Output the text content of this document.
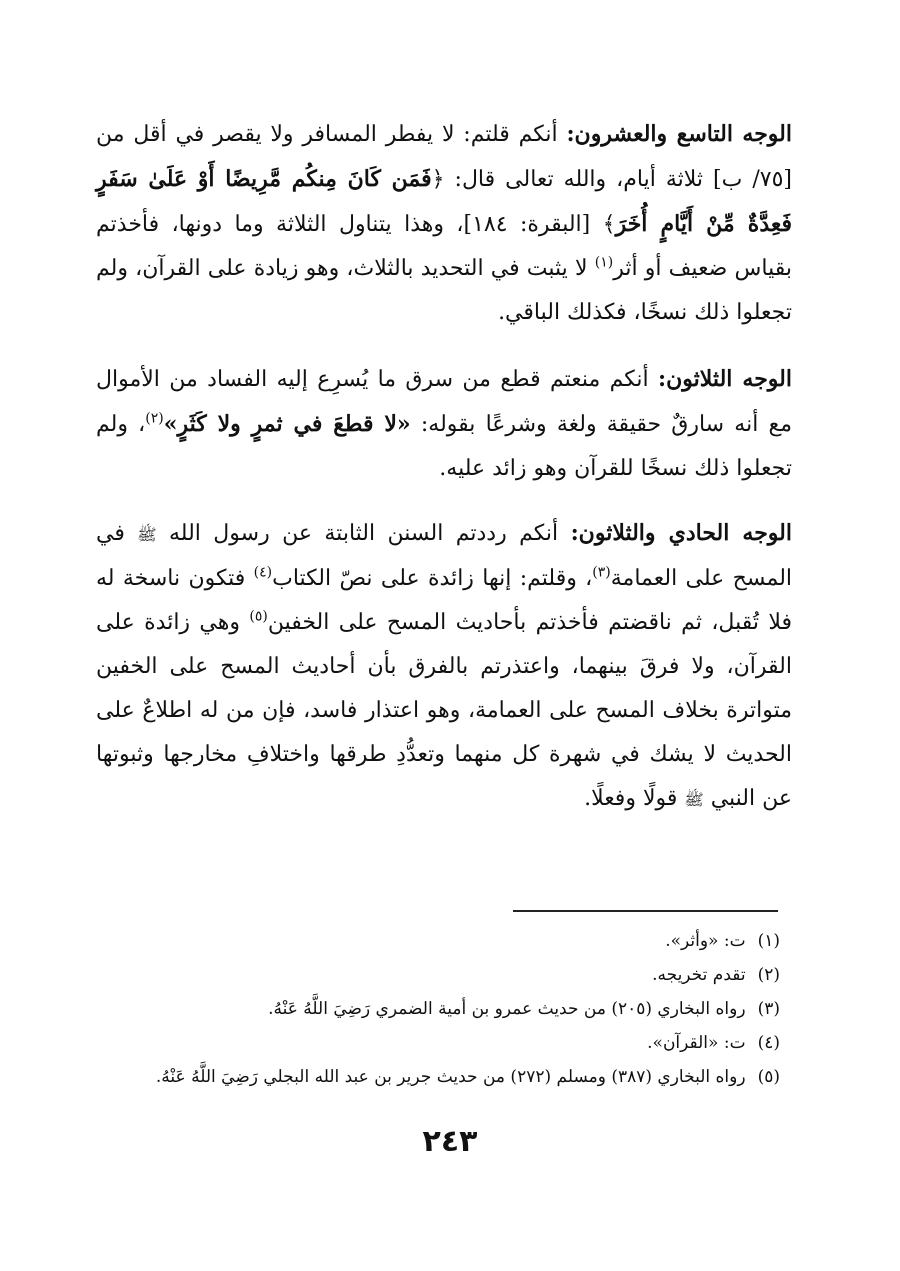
الوجه التاسع والعشرون: أنكم قلتم: لا يفطر المسافر ولا يقصر في أقل من [٧٥/ ب] ثلاثة أيام، والله تعالى قال: ﴿فَمَن كَانَ مِنكُم مَّرِيضًا أَوْ عَلَىٰ سَفَرٍ فَعِدَّةٌ مِّنْ أَيَّامٍ أُخَرَ﴾ [البقرة: ١٨٤]، وهذا يتناول الثلاثة وما دونها، فأخذتم بقياس ضعيف أو أثر$^{(١)}$ لا يثبت في التحديد بالثلاث، وهو زيادة على القرآن، ولم تجعلوا ذلك نسخًا، فكذلك الباقي.

الوجه الثلاثون: أنكم منعتم قطع من سرق ما يُسرِع إليه الفساد من الأموال مع أنه سارقٌ حقيقة ولغة وشرعًا بقوله: «لا قطعَ في ثمرٍ ولا كَثَرٍ»$^{(٢)}$، ولم تجعلوا ذلك نسخًا للقرآن وهو زائد عليه.

الوجه الحادي والثلاثون: أنكم رددتم السنن الثابتة عن رسول الله ﷺ في المسح على العمامة$^{(٣)}$، وقلتم: إنها زائدة على نصّ الكتاب$^{(٤)}$ فتكون ناسخة له فلا تُقبل، ثم ناقضتم فأخذتم بأحاديث المسح على الخفين$^{(٥)}$ وهي زائدة على القرآن، ولا فرقَ بينهما، واعتذرتم بالفرق بأن أحاديث المسح على الخفين متواترة بخلاف المسح على العمامة، وهو اعتذار فاسد، فإن من له اطلاعٌ على الحديث لا يشك في شهرة كل منهما وتعدُّدِ طرقها واختلافِ مخارجها وثبوتها عن النبي ﷺ قولًا وفعلًا.

(١)ت: «وأثر».
(٢)تقدم تخريجه.
(٣)رواه البخاري (٢٠٥) من حديث عمرو بن أمية الضمري رَضِيَ اللَّهُ عَنْهُ.
(٤)ت: «القرآن».
(٥)رواه البخاري (٣٨٧) ومسلم (٢٧٢) من حديث جرير بن عبد الله البجلي رَضِيَ اللَّهُ عَنْهُ.
٢٤٣
